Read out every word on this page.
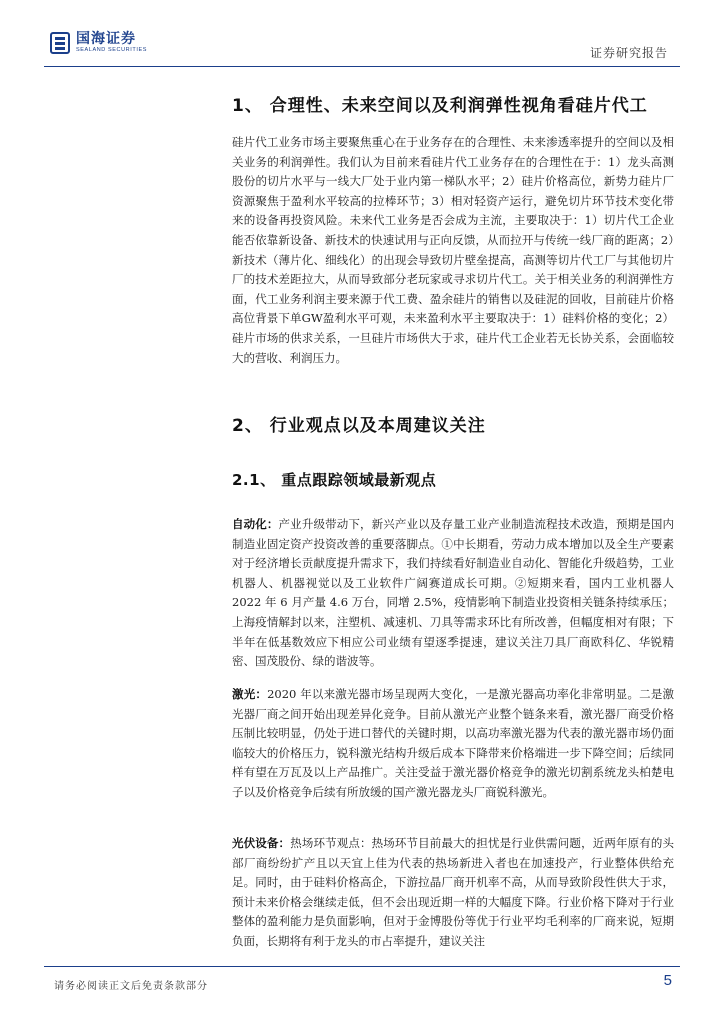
国海证券
SEALAND SECURITIES	证券研究报告
1、 合理性、未来空间以及利润弹性视角看硅片代工
硅片代工业务市场主要聚焦重心在于业务存在的合理性、未来渗透率提升的空间以及相关业务的利润弹性。我们认为目前来看硅片代工业务存在的合理性在于：1）龙头高测股份的切片水平与一线大厂处于业内第一梯队水平；2）硅片价格高位，新势力硅片厂资源聚焦于盈利水平较高的拉棒环节；3）相对轻资产运行，避免切片环节技术变化带来的设备再投资风险。未来代工业务是否会成为主流，主要取决于：1）切片代工企业能否依靠新设备、新技术的快速试用与正向反馈，从而拉开与传统一线厂商的距离；2）新技术（薄片化、细线化）的出现会导致切片壁垒提高，高测等切片代工厂与其他切片厂的技术差距拉大，从而导致部分老玩家或寻求切片代工。关于相关业务的利润弹性方面，代工业务利润主要来源于代工费、盈余硅片的销售以及硅泥的回收，目前硅片价格高位背景下单GW盈利水平可观，未来盈利水平主要取决于：1）硅料价格的变化；2）硅片市场的供求关系，一旦硅片市场供大于求，硅片代工企业若无长协关系，会面临较大的营收、利润压力。
2、 行业观点以及本周建议关注
2.1、 重点跟踪领域最新观点
自动化：产业升级带动下，新兴产业以及存量工业产业制造流程技术改造，预期是国内制造业固定资产投资改善的重要落脚点。①中长期看，劳动力成本增加以及全生产要素对于经济增长贡献度提升需求下，我们持续看好制造业自动化、智能化升级趋势，工业机器人、机器视觉以及工业软件广阔赛道成长可期。②短期来看，国内工业机器人 2022 年 6 月产量 4.6 万台，同增 2.5%，疫情影响下制造业投资相关链条持续承压；上海疫情解封以来，注塑机、减速机、刀具等需求环比有所改善，但幅度相对有限；下半年在低基数效应下相应公司业绩有望逐季提速，建议关注刀具厂商欧科亿、华锐精密、国茂股份、绿的谐波等。
激光：2020 年以来激光器市场呈现两大变化，一是激光器高功率化非常明显。二是激光器厂商之间开始出现差异化竞争。目前从激光产业整个链条来看，激光器厂商受价格压制比较明显，仍处于进口替代的关键时期，以高功率激光器为代表的激光器市场仍面临较大的价格压力，锐科激光结构升级后成本下降带来价格端进一步下降空间；后续同样有望在万瓦及以上产品推广。关注受益于激光器价格竞争的激光切割系统龙头柏楚电子以及价格竞争后续有所放缓的国产激光器龙头厂商锐科激光。
光伏设备：热场环节观点：热场环节目前最大的担忧是行业供需问题，近两年原有的头部厂商纷纷扩产且以天宜上佳为代表的热场新进入者也在加速投产，行业整体供给充足。同时，由于硅料价格高企，下游拉晶厂商开机率不高，从而导致阶段性供大于求，预计未来价格会继续走低，但不会出现近期一样的大幅度下降。行业价格下降对于行业整体的盈利能力是负面影响，但对于金博股份等优于行业平均毛利率的厂商来说，短期负面，长期将有利于龙头的市占率提升，建议关注
请务必阅读正文后免责条款部分	5
